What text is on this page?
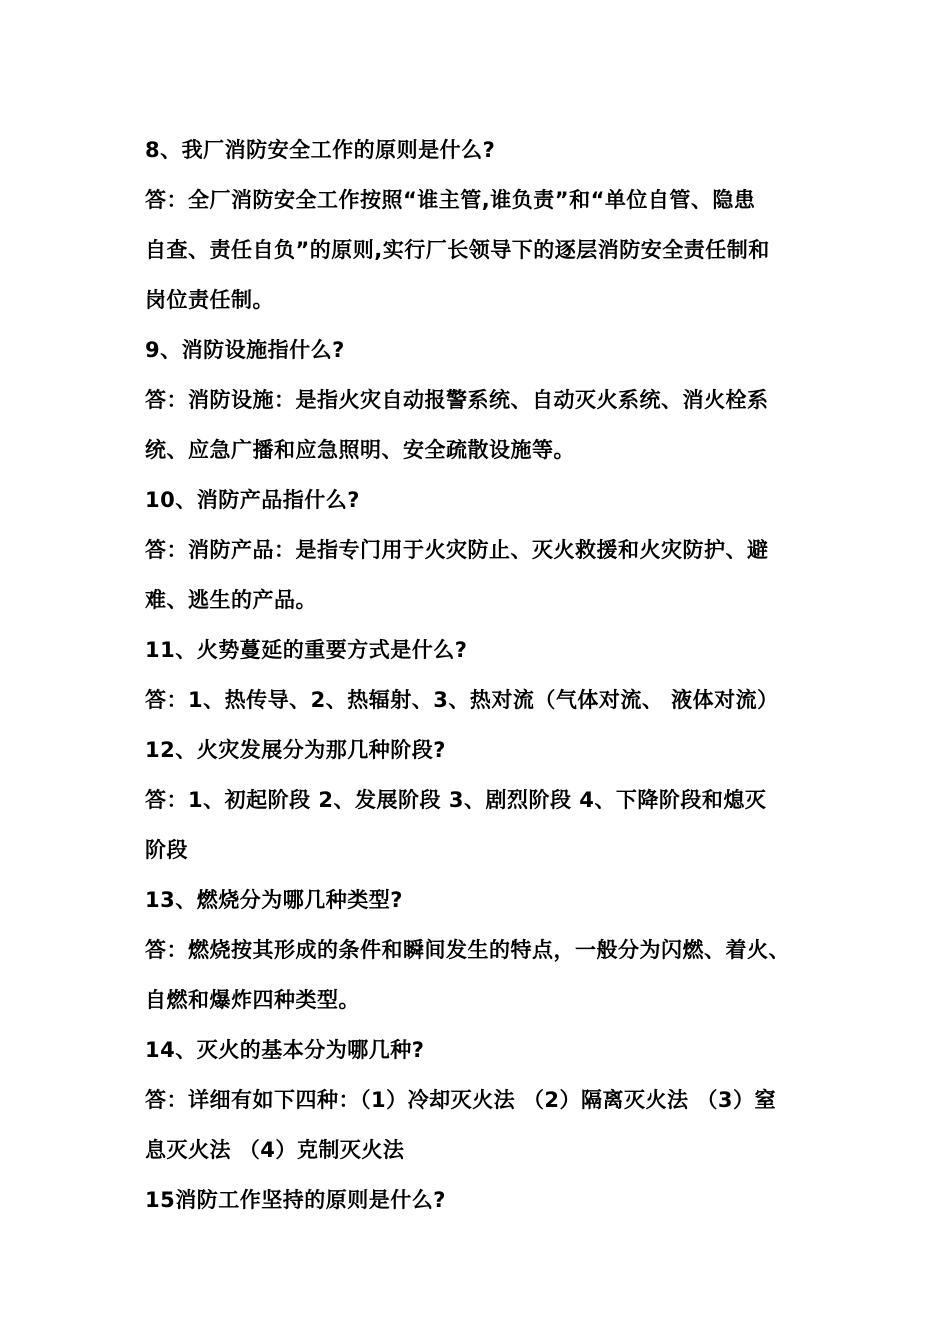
8、我厂消防安全工作的原则是什么?
答：全厂消防安全工作按照“谁主管,谁负责”和“单位自管、隐患
自查、责任自负”的原则,实行厂长领导下的逐层消防安全责任制和
岗位责任制。
9、消防设施指什么?
答：消防设施：是指火灾自动报警系统、自动灭火系统、消火栓系
统、应急广播和应急照明、安全疏散设施等。
10、消防产品指什么?
答：消防产品：是指专门用于火灾防止、灭火救援和火灾防护、避
难、逃生的产品。
11、火势蔓延的重要方式是什么?
答：1、热传导、2、热辐射、3、热对流（气体对流、 液体对流）
12、火灾发展分为那几种阶段?
答：1、初起阶段 2、发展阶段 3、剧烈阶段 4、下降阶段和熄灭
阶段
13、燃烧分为哪几种类型?
答：燃烧按其形成的条件和瞬间发生的特点，一般分为闪燃、着火、
自燃和爆炸四种类型。
14、灭火的基本分为哪几种?
答：详细有如下四种：（1）冷却灭火法 （2）隔离灭火法 （3）窒
息灭火法 （4）克制灭火法
15消防工作坚持的原则是什么?
